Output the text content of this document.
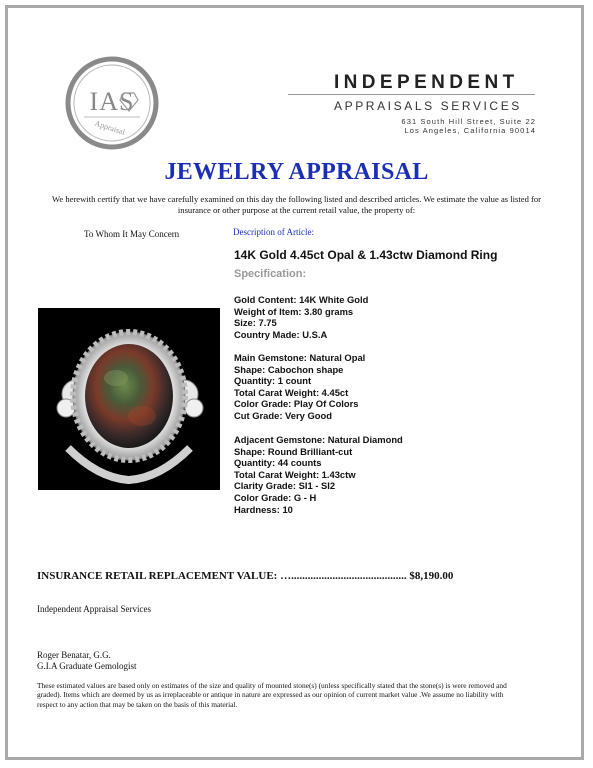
IAS
Appraisal
INDEPENDENT
APPRAISALS SERVICES
631 South Hill Street, Suite 22
Los Angeles, California 90014
JEWELRY APPRAISAL
We herewith certify that we have carefully examined on this day the following listed and described articles. We estimate the value as listed for insurance or other purpose at the current retail value, the property of:
To Whom It May Concern	Description of Article:
14K Gold 4.45ct Opal & 1.43ctw Diamond Ring
Specification:
Gold Content: 14K White Gold
Weight of Item: 3.80 grams
Size: 7.75
Country Made: U.S.A
Main Gemstone: Natural Opal
Shape: Cabochon shape
Quantity: 1 count
Total Carat Weight: 4.45ct
Color Grade: Play Of Colors
Cut Grade: Very Good
Adjacent Gemstone: Natural Diamond
Shape: Round Brilliant-cut
Quantity: 44 counts
Total Carat Weight: 1.43ctw
Clarity Grade: SI1 - SI2
Color Grade: G - H
Hardness: 10
INSURANCE RETAIL REPLACEMENT VALUE: ….......................................... $8,190.00
Independent Appraisal Services
Roger Benatar, G.G.
G.I.A Graduate Gemologist
These estimated values are based only on estimates of the size and quality of mounted stone(s) (unless specifically stated that the stone(s) is were removed and graded). Items which are deemed by us as irreplaceable or antique in nature are expressed as our opinion of current market value .We assume no liability with respect to any action that may be taken on the basis of this material.
